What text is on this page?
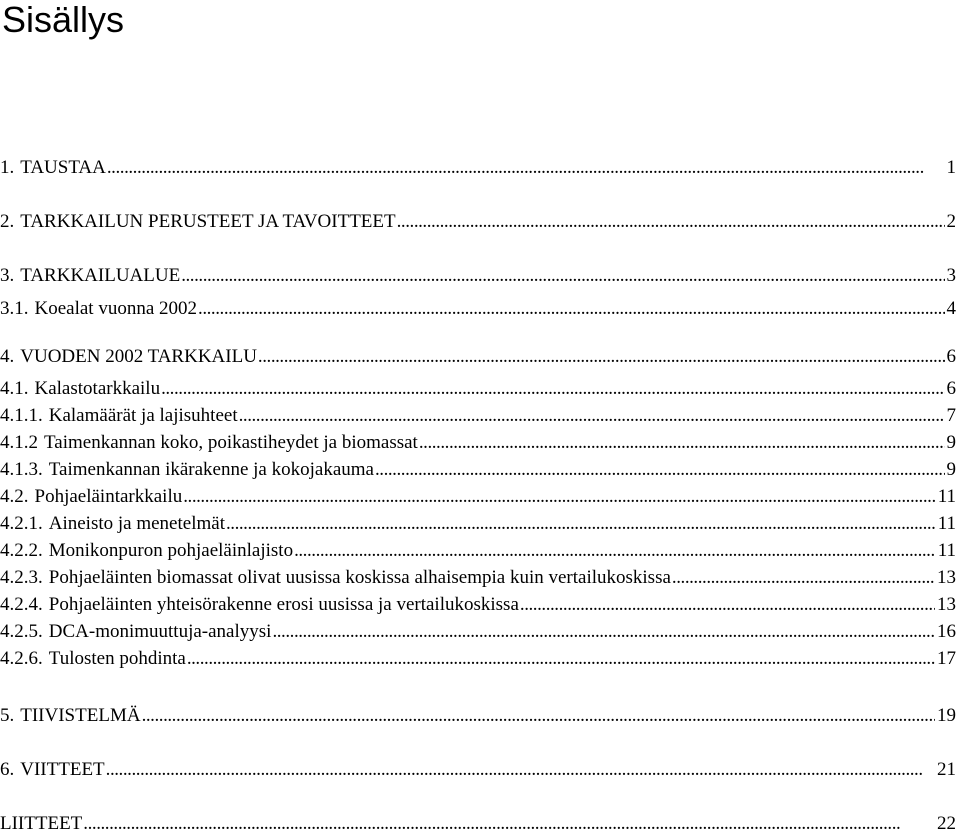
Sisällys
1. TAUSTAA . . .	1
2. TARKKAILUN PERUSTEET JA TAVOITTEET . . .	2
3. TARKKAILUALUE . . .	3
3.1. Koealat vuonna 2002 . . .	4
4. VUODEN 2002 TARKKAILU . . .	6
4.1. Kalastotarkkailu . . .	6
4.1.1. Kalamäärät ja lajisuhteet . . .	7
4.1.2 Taimenkannan koko, poikastiheydet ja biomassat . . .	9
4.1.3. Taimenkannan ikärakenne ja kokojakauma . . .	9
4.2. Pohjaeläintarkkailu . . .	11
4.2.1. Aineisto ja menetelmät . . .	11
4.2.2. Monikonpuron pohjaeläinlajisto . . .	11
4.2.3. Pohjaeläinten biomassat olivat uusissa koskissa alhaisempia kuin vertailukoskissa . . .	13
4.2.4. Pohjaeläinten yhteisörakenne erosi uusissa ja vertailukoskissa . . .	13
4.2.5. DCA-monimuuttuja-analyysi . . .	16
4.2.6. Tulosten pohdinta . . .	17
5. TIIVISTELMÄ . . .	19
6. VIITTEET . . .	21
LIITTEET . . .	22
